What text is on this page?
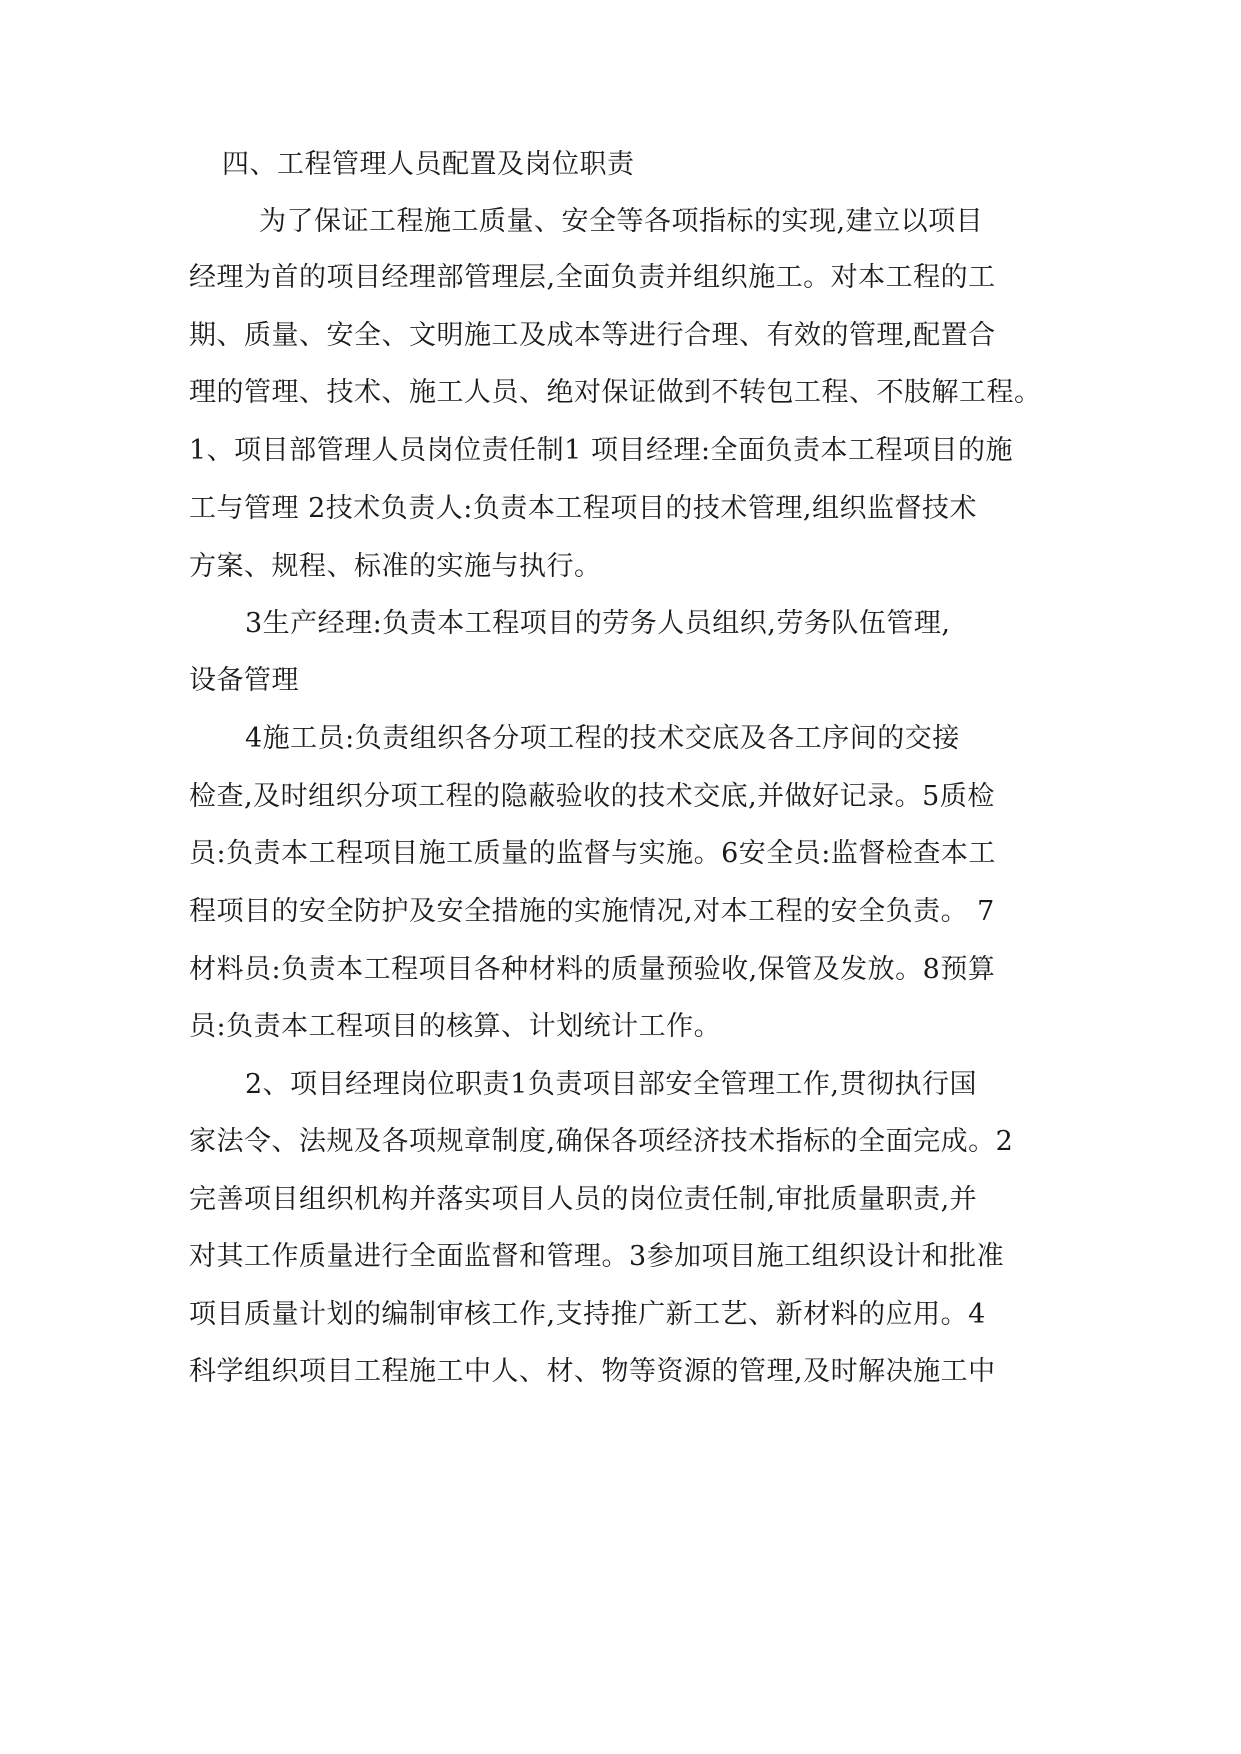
四、工程管理人员配置及岗位职责
为了保证工程施工质量、安全等各项指标的实现,建立以项目
经理为首的项目经理部管理层,全面负责并组织施工。对本工程的工
期、质量、安全、文明施工及成本等进行合理、有效的管理,配置合
理的管理、技术、施工人员、绝对保证做到不转包工程、不肢解工程。
1、项目部管理人员岗位责任制1 项目经理:全面负责本工程项目的施
工与管理 2技术负责人:负责本工程项目的技术管理,组织监督技术
方案、规程、标准的实施与执行。
3生产经理:负责本工程项目的劳务人员组织,劳务队伍管理,
设备管理
4施工员:负责组织各分项工程的技术交底及各工序间的交接
检查,及时组织分项工程的隐蔽验收的技术交底,并做好记录。5质检
员:负责本工程项目施工质量的监督与实施。6安全员:监督检查本工
程项目的安全防护及安全措施的实施情况,对本工程的安全负责。 7
材料员:负责本工程项目各种材料的质量预验收,保管及发放。8预算
员:负责本工程项目的核算、计划统计工作。
2、项目经理岗位职责1负责项目部安全管理工作,贯彻执行国
家法令、法规及各项规章制度,确保各项经济技术指标的全面完成。2
完善项目组织机构并落实项目人员的岗位责任制,审批质量职责,并
对其工作质量进行全面监督和管理。3参加项目施工组织设计和批准
项目质量计划的编制审核工作,支持推广新工艺、新材料的应用。4
科学组织项目工程施工中人、材、物等资源的管理,及时解决施工中
